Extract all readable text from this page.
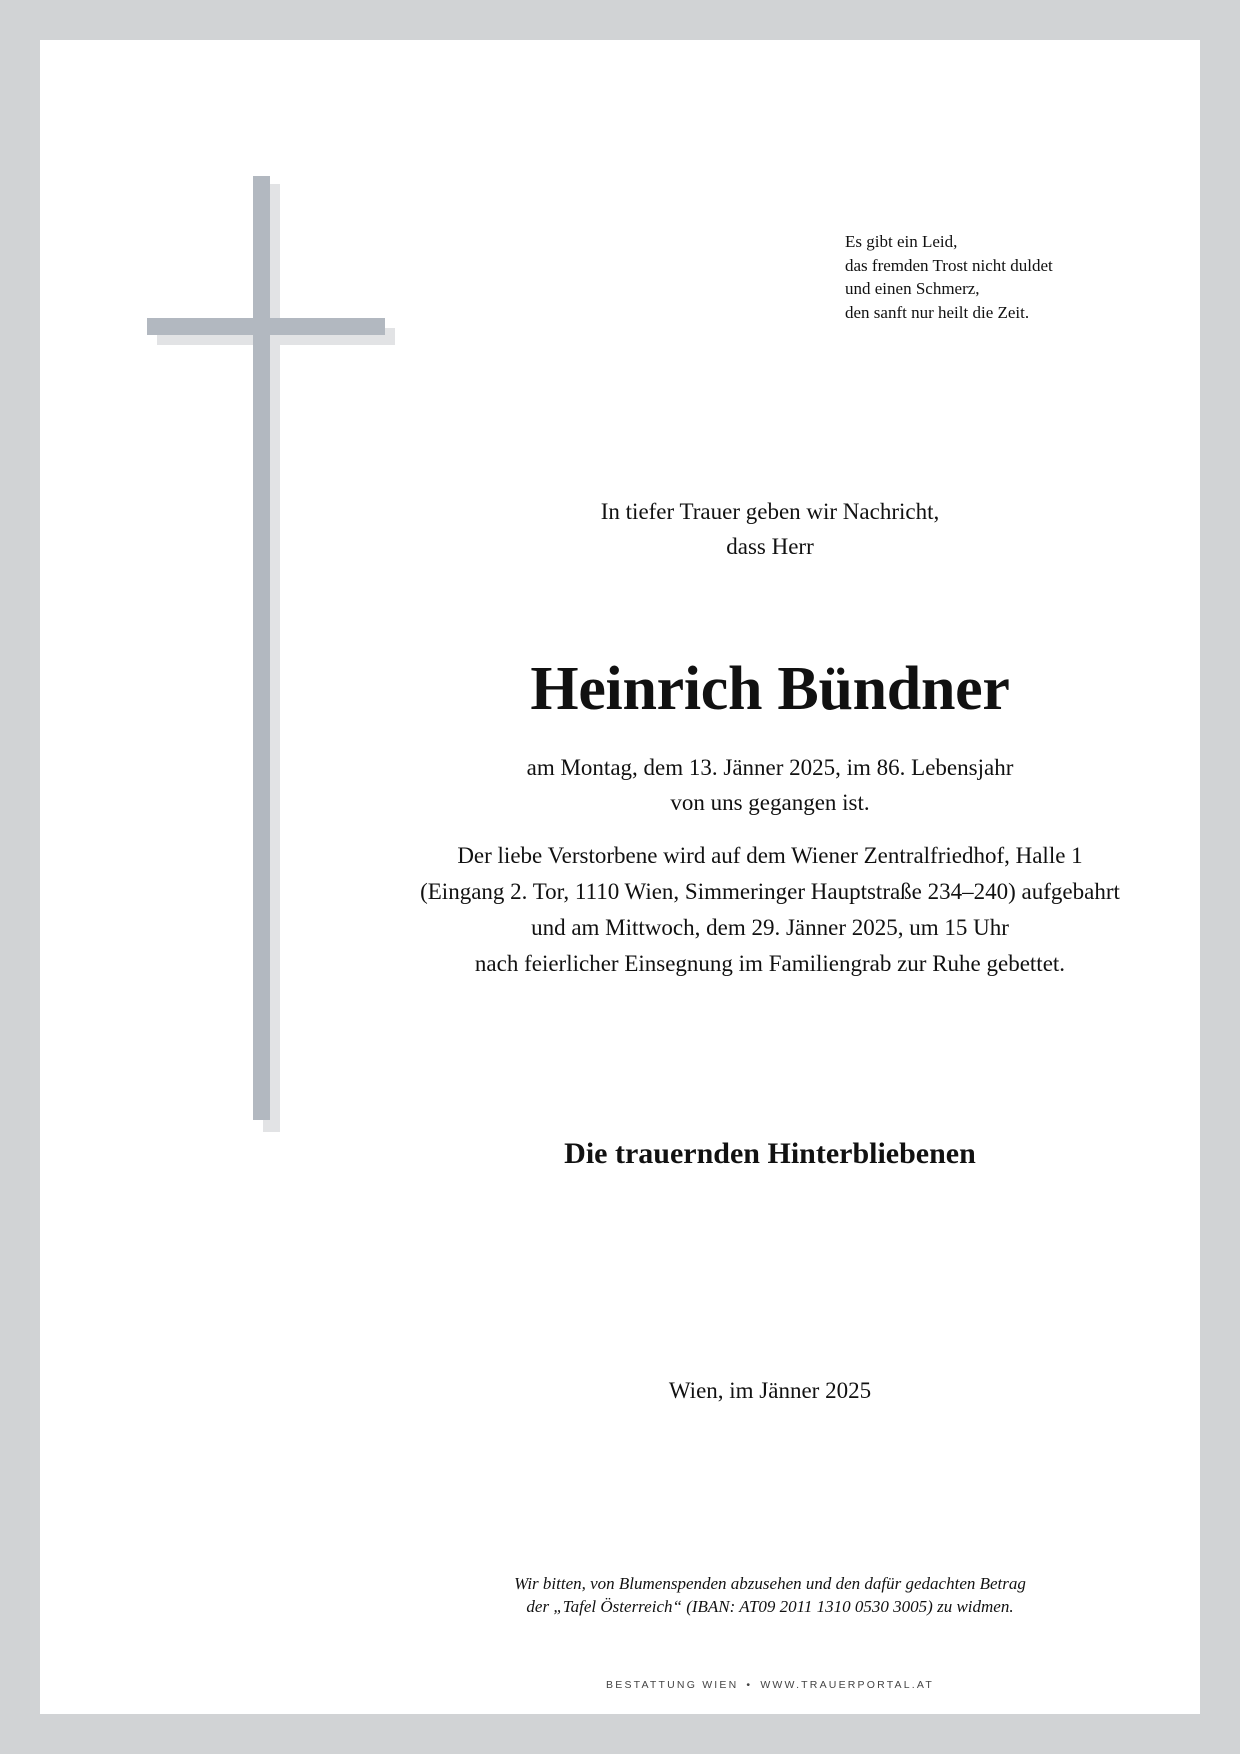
Es gibt ein Leid,
das fremden Trost nicht duldet
und einen Schmerz,
den sanft nur heilt die Zeit.
In tiefer Trauer geben wir Nachricht,
dass Herr
Heinrich Bündner
am Montag, dem 13. Jänner 2025, im 86. Lebensjahr
von uns gegangen ist.
Der liebe Verstorbene wird auf dem Wiener Zentralfriedhof, Halle 1
(Eingang 2. Tor, 1110 Wien, Simmeringer Hauptstraße 234–240) aufgebahrt
und am Mittwoch, dem 29. Jänner 2025, um 15 Uhr
nach feierlicher Einsegnung im Familiengrab zur Ruhe gebettet.
Die trauernden Hinterbliebenen
Wien, im Jänner 2025
Wir bitten, von Blumenspenden abzusehen und den dafür gedachten Betrag
der „Tafel Österreich“ (IBAN: AT09 2011 1310 0530 3005) zu widmen.
BESTATTUNG WIEN • WWW.TRAUERPORTAL.AT
